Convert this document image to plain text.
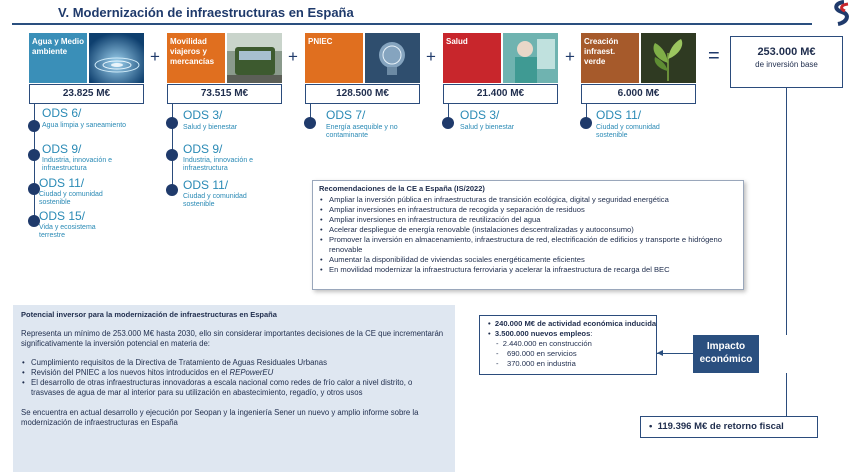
V. Modernización de infraestructuras en España
Agua y Medio ambiente
23.825 M€
+
Movilidad viajeros y mercancías
73.515 M€
+
PNIEC
128.500 M€
+
Salud
21.400 M€
+
Creación infraest. verde
6.000 M€
=	253.000 M€
de inversión base
ODS 6/
Agua limpia y saneamiento
ODS 9/
Industria, innovación e infraestructura
ODS 11/
Ciudad y comunidad sostenible
ODS 15/
Vida y ecosistema terrestre
ODS 3/
Salud y bienestar
ODS 9/
Industria, innovación e infraestructura
ODS 11/
Ciudad y comunidad sostenible
ODS 7/
Energía asequible y no contaminante
ODS 3/
Salud y bienestar
ODS 11/
Ciudad y comunidad sostenible
Recomendaciones de la CE a España (IS/2022)
• Ampliar la inversión pública en infraestructuras de transición ecológica, digital y seguridad energética
• Ampliar inversiones en infraestructura de recogida y separación de residuos
• Ampliar inversiones en infraestructura de reutilización del agua
• Acelerar despliegue de energía renovable (instalaciones descentralizadas y autoconsumo)
• Promover la inversión en almacenamiento, infraestructura de red, electrificación de edificios y transporte e hidrógeno renovable
• Aumentar la disponibilidad de viviendas sociales energéticamente eficientes
• En movilidad modernizar la infraestructura ferroviaria y acelerar la infraestructura de recarga del BEC
Potencial inversor para la modernización de infraestructuras en España
Representa un mínimo de 253.000 M€ hasta 2030, ello sin considerar importantes decisiones de la CE que incrementarán significativamente la inversión potencial en materia de:
• Cumplimiento requisitos de la Directiva de Tratamiento de Aguas Residuales Urbanas
• Revisión del PNIEC a los nuevos hitos introducidos en el REPowerEU
• El desarrollo de otras infraestructuras innovadoras a escala nacional como redes de frío calor a nivel distrito, o trasvases de agua de mar al interior para su utilización en abastecimiento, regadío, y otros usos
Se encuentra en actual desarrollo y ejecución por Seopan y la ingeniería Sener un nuevo y amplio informe sobre la modernización de infraestructuras en España
•  240.000 M€ de actividad económica inducida
•  3.500.000 nuevos empleos:
-  2.440.000 en construcción
-    690.000 en servicios
-    370.000 en industria
Impacto económico
•  119.396 M€ de retorno fiscal
